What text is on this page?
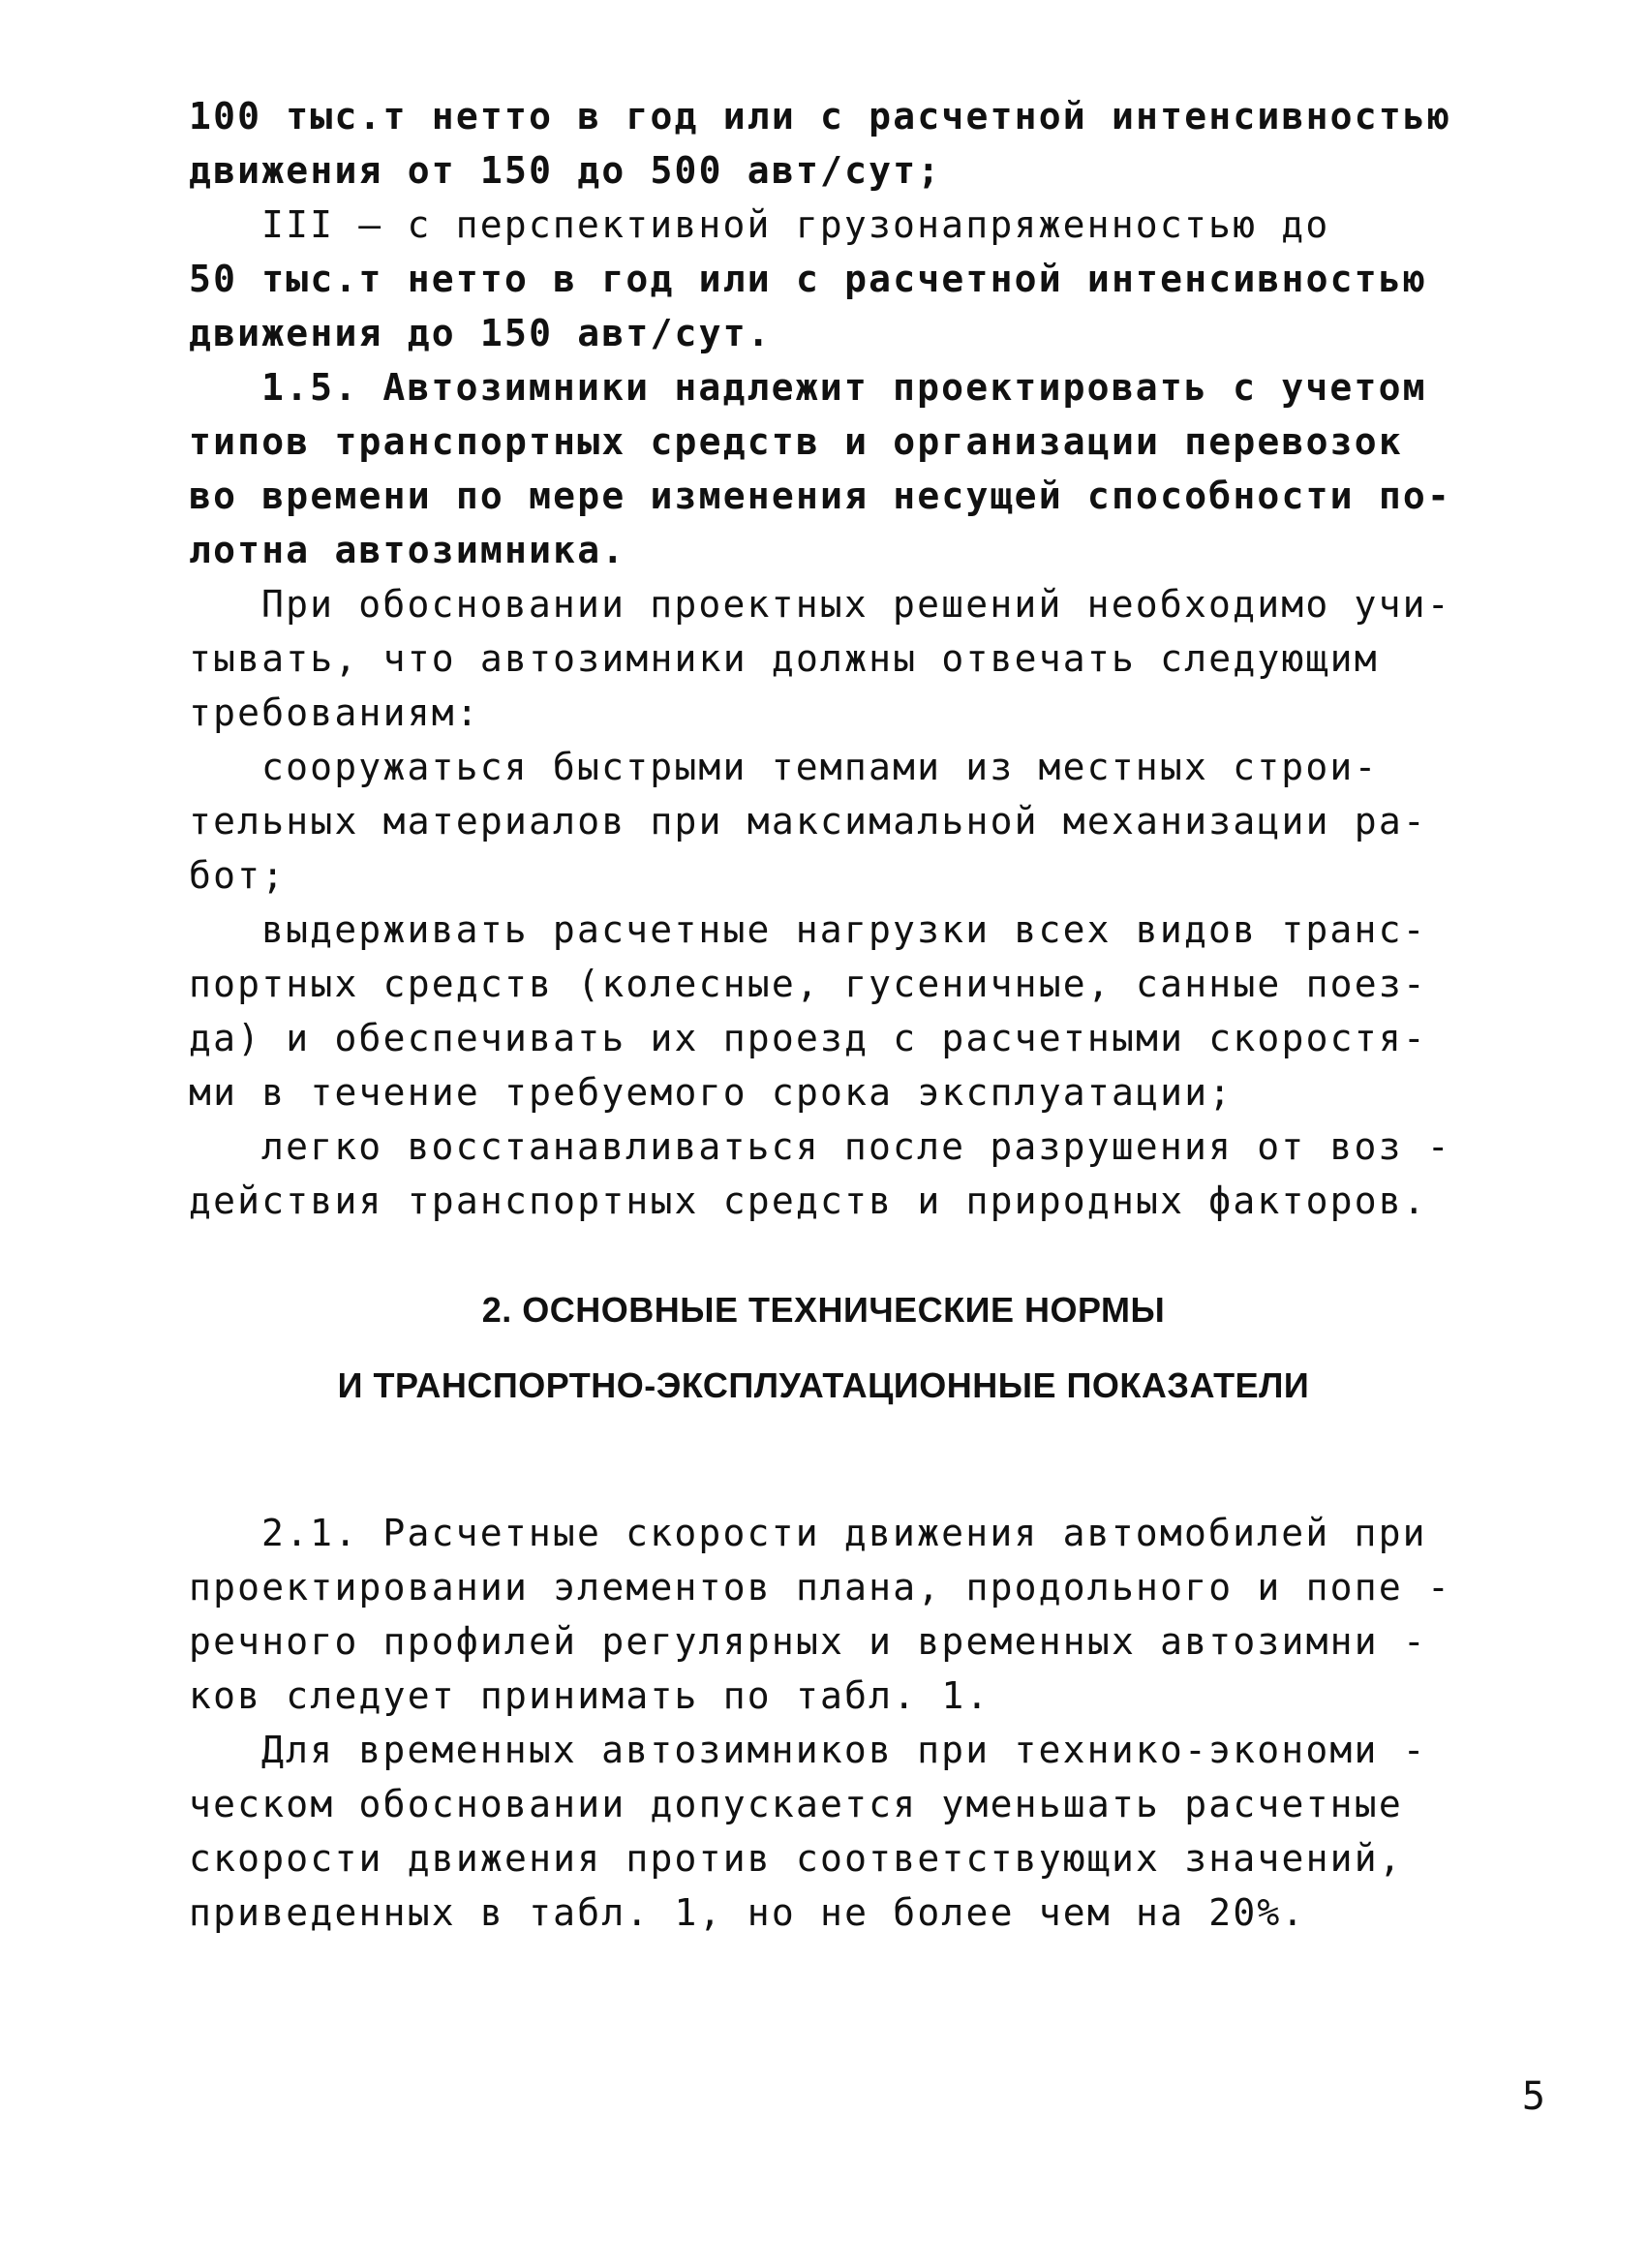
100 тыс.т нетто в год или с расчетной интенсивностью
движения от 150 до 500 авт/сут;
III – с перспективной грузонапряженностью до
50 тыс.т нетто в год или с расчетной интенсивностью
движения до 150 авт/сут.
1.5. Автозимники надлежит проектировать с учетом
типов транспортных средств и организации перевозок
во времени по мере изменения несущей способности по-
лотна автозимника.
При обосновании проектных решений необходимо учи-
тывать, что автозимники должны отвечать следующим
требованиям:
сооружаться быстрыми темпами из местных строи-
тельных материалов при максимальной механизации ра-
бот;
выдерживать расчетные нагрузки всех видов транс-
портных средств (колесные, гусеничные, санные поез-
да) и обеспечивать их проезд с расчетными скоростя-
ми в течение требуемого срока эксплуатации;
легко восстанавливаться после разрушения от воз -
действия транспортных средств и природных факторов.
2. ОСНОВНЫЕ ТЕХНИЧЕСКИЕ НОРМЫ
И ТРАНСПОРТНО-ЭКСПЛУАТАЦИОННЫЕ ПОКАЗАТЕЛИ
2.1. Расчетные скорости движения автомобилей при
проектировании элементов плана, продольного и попе -
речного профилей регулярных и временных автозимни -
ков следует принимать по табл. 1.
Для временных автозимников при технико-экономи -
ческом обосновании допускается уменьшать расчетные
скорости движения против соответствующих значений,
приведенных в табл. 1, но не более чем на 20%.
5
